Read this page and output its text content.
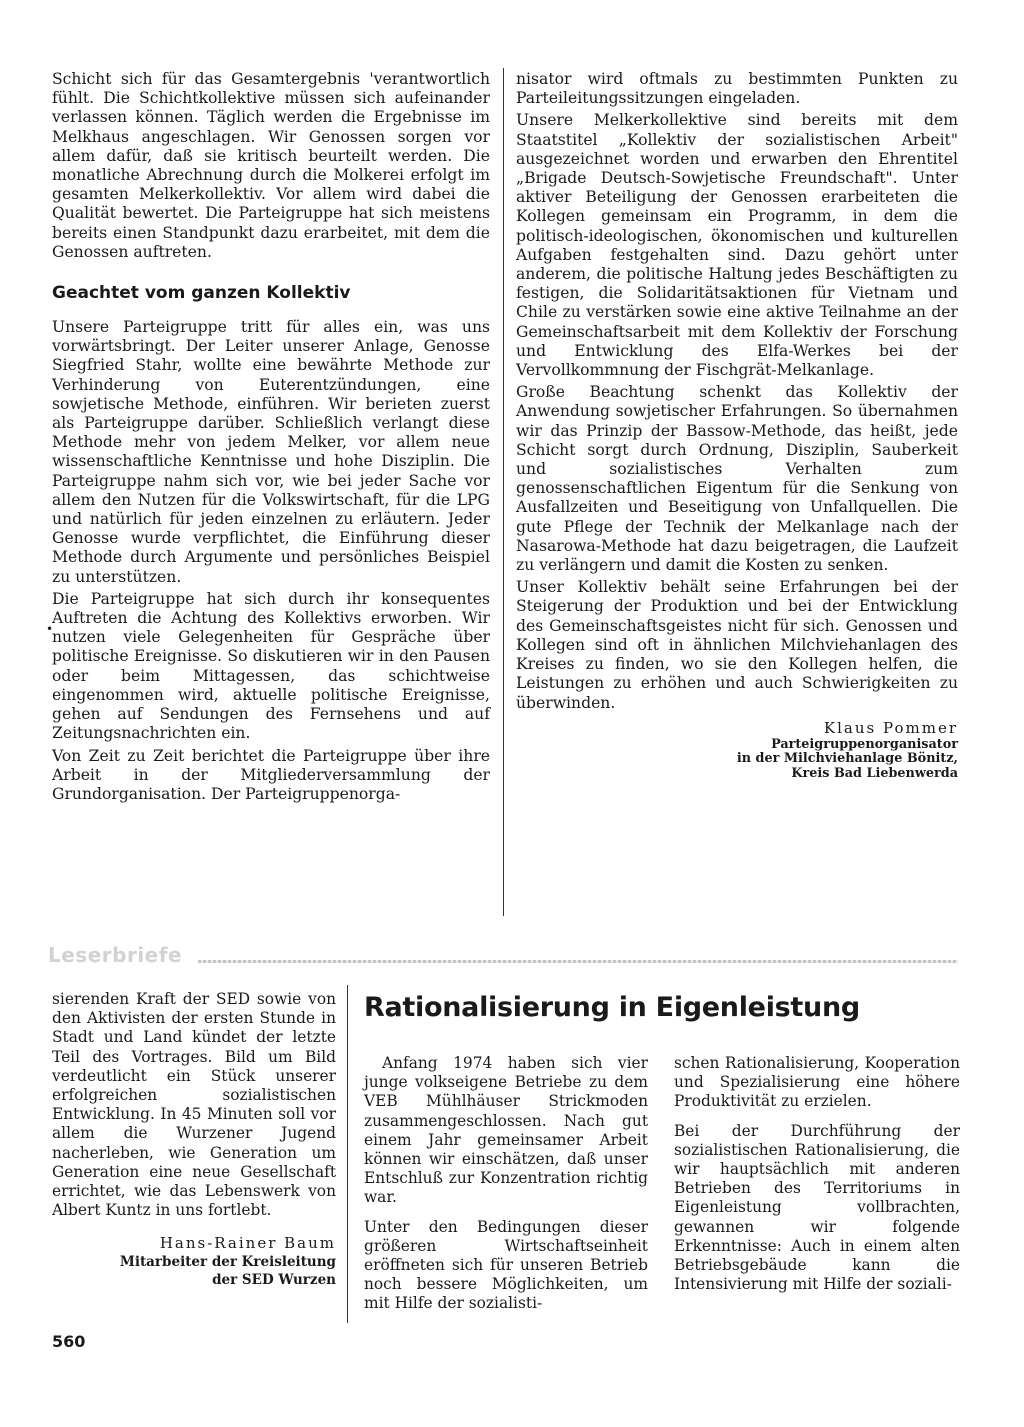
Schicht sich für das Gesamtergebnis 'verantwortlich fühlt. Die Schichtkollektive müssen sich aufeinander verlassen können. Täglich werden die Ergebnisse im Melkhaus angeschlagen. Wir Genossen sorgen vor allem dafür, daß sie kritisch beurteilt werden. Die monatliche Abrechnung durch die Molkerei erfolgt im gesamten Melkerkollektiv. Vor allem wird dabei die Qualität bewertet. Die Parteigruppe hat sich meistens bereits einen Standpunkt dazu erarbeitet, mit dem die Genossen auftreten.

Geachtet vom ganzen Kollektiv

Unsere Parteigruppe tritt für alles ein, was uns vorwärtsbringt. Der Leiter unserer Anlage, Genosse Siegfried Stahr, wollte eine bewährte Methode zur Verhinderung von Euterentzündungen, eine sowjetische Methode, einführen. Wir berieten zuerst als Parteigruppe darüber. Schließlich verlangt diese Methode mehr von jedem Melker, vor allem neue wissenschaftliche Kenntnisse und hohe Disziplin. Die Parteigruppe nahm sich vor, wie bei jeder Sache vor allem den Nutzen für die Volkswirtschaft, für die LPG und natürlich für jeden einzelnen zu erläutern. Jeder Genosse wurde verpflichtet, die Einführung dieser Methode durch Argumente und persönliches Beispiel zu unterstützen.

Die Parteigruppe hat sich durch ihr konsequentes Auftreten die Achtung des Kollektivs erworben. Wir nutzen viele Gelegenheiten für Gespräche über politische Ereignisse. So diskutieren wir in den Pausen oder beim Mittagessen, das schichtweise eingenommen wird, aktuelle politische Ereignisse, gehen auf Sendungen des Fernsehens und auf Zeitungsnachrichten ein.

Von Zeit zu Zeit berichtet die Parteigruppe über ihre Arbeit in der Mitgliederversammlung der Grundorganisation. Der Parteigruppenorga-

•

nisator wird oftmals zu bestimmten Punkten zu Parteileitungssitzungen eingeladen.

Unsere Melkerkollektive sind bereits mit dem Staatstitel „Kollektiv der sozialistischen Arbeit" ausgezeichnet worden und erwarben den Ehrentitel „Brigade Deutsch-Sowjetische Freundschaft". Unter aktiver Beteiligung der Genossen erarbeiteten die Kollegen gemeinsam ein Programm, in dem die politisch-ideologischen, ökonomischen und kulturellen Aufgaben festgehalten sind. Dazu gehört unter anderem, die politische Haltung jedes Beschäftigten zu festigen, die Solidaritätsaktionen für Vietnam und Chile zu verstärken sowie eine aktive Teilnahme an der Gemeinschaftsarbeit mit dem Kollektiv der Forschung und Entwicklung des Elfa-Werkes bei der Vervollkommnung der Fischgrät-Melkanlage.

Große Beachtung schenkt das Kollektiv der Anwendung sowjetischer Erfahrungen. So übernahmen wir das Prinzip der Bassow-Methode, das heißt, jede Schicht sorgt durch Ordnung, Disziplin, Sauberkeit und sozialistisches Verhalten zum genossenschaftlichen Eigentum für die Senkung von Ausfallzeiten und Beseitigung von Unfallquellen. Die gute Pflege der Technik der Melkanlage nach der Nasarowa-Methode hat dazu beigetragen, die Laufzeit zu verlängern und damit die Kosten zu senken.

Unser Kollektiv behält seine Erfahrungen bei der Steigerung der Produktion und bei der Entwicklung des Gemeinschaftsgeistes nicht für sich. Genossen und Kollegen sind oft in ähnlichen Milchviehanlagen des Kreises zu finden, wo sie den Kollegen helfen, die Leistungen zu erhöhen und auch Schwierigkeiten zu überwinden.

Klaus Pommer
Parteigruppenorganisator
in der Milchviehanlage Bönitz,
Kreis Bad Liebenwerda
Leserbriefe

sierenden Kraft der SED sowie von den Aktivisten der ersten Stunde in Stadt und Land kündet der letzte Teil des Vortrages. Bild um Bild verdeutlicht ein Stück unserer erfolgreichen sozialistischen Entwicklung. In 45 Minuten soll vor allem die Wurzener Jugend nacherleben, wie Generation um Generation eine neue Gesellschaft errichtet, wie das Lebenswerk von Albert Kuntz in uns fortlebt.

Hans-Rainer Baum
Mitarbeiter der Kreisleitung
der SED Wurzen
Rationalisierung in Eigenleistung

Anfang 1974 haben sich vier junge volkseigene Betriebe zu dem VEB Mühlhäuser Strickmoden zusammengeschlossen. Nach gut einem Jahr gemeinsamer Arbeit können wir einschätzen, daß unser Entschluß zur Konzentration richtig war.

Unter den Bedingungen dieser größeren Wirtschaftseinheit eröffneten sich für unseren Betrieb noch bessere Möglichkeiten, um mit Hilfe der sozialisti-

schen Rationalisierung, Kooperation und Spezialisierung eine höhere Produktivität zu erzielen.

Bei der Durchführung der sozialistischen Rationalisierung, die wir hauptsächlich mit anderen Betrieben des Territoriums in Eigenleistung vollbrachten, gewannen wir folgende Erkenntnisse: Auch in einem alten Betriebsgebäude kann die Intensivierung mit Hilfe der soziali-

560
